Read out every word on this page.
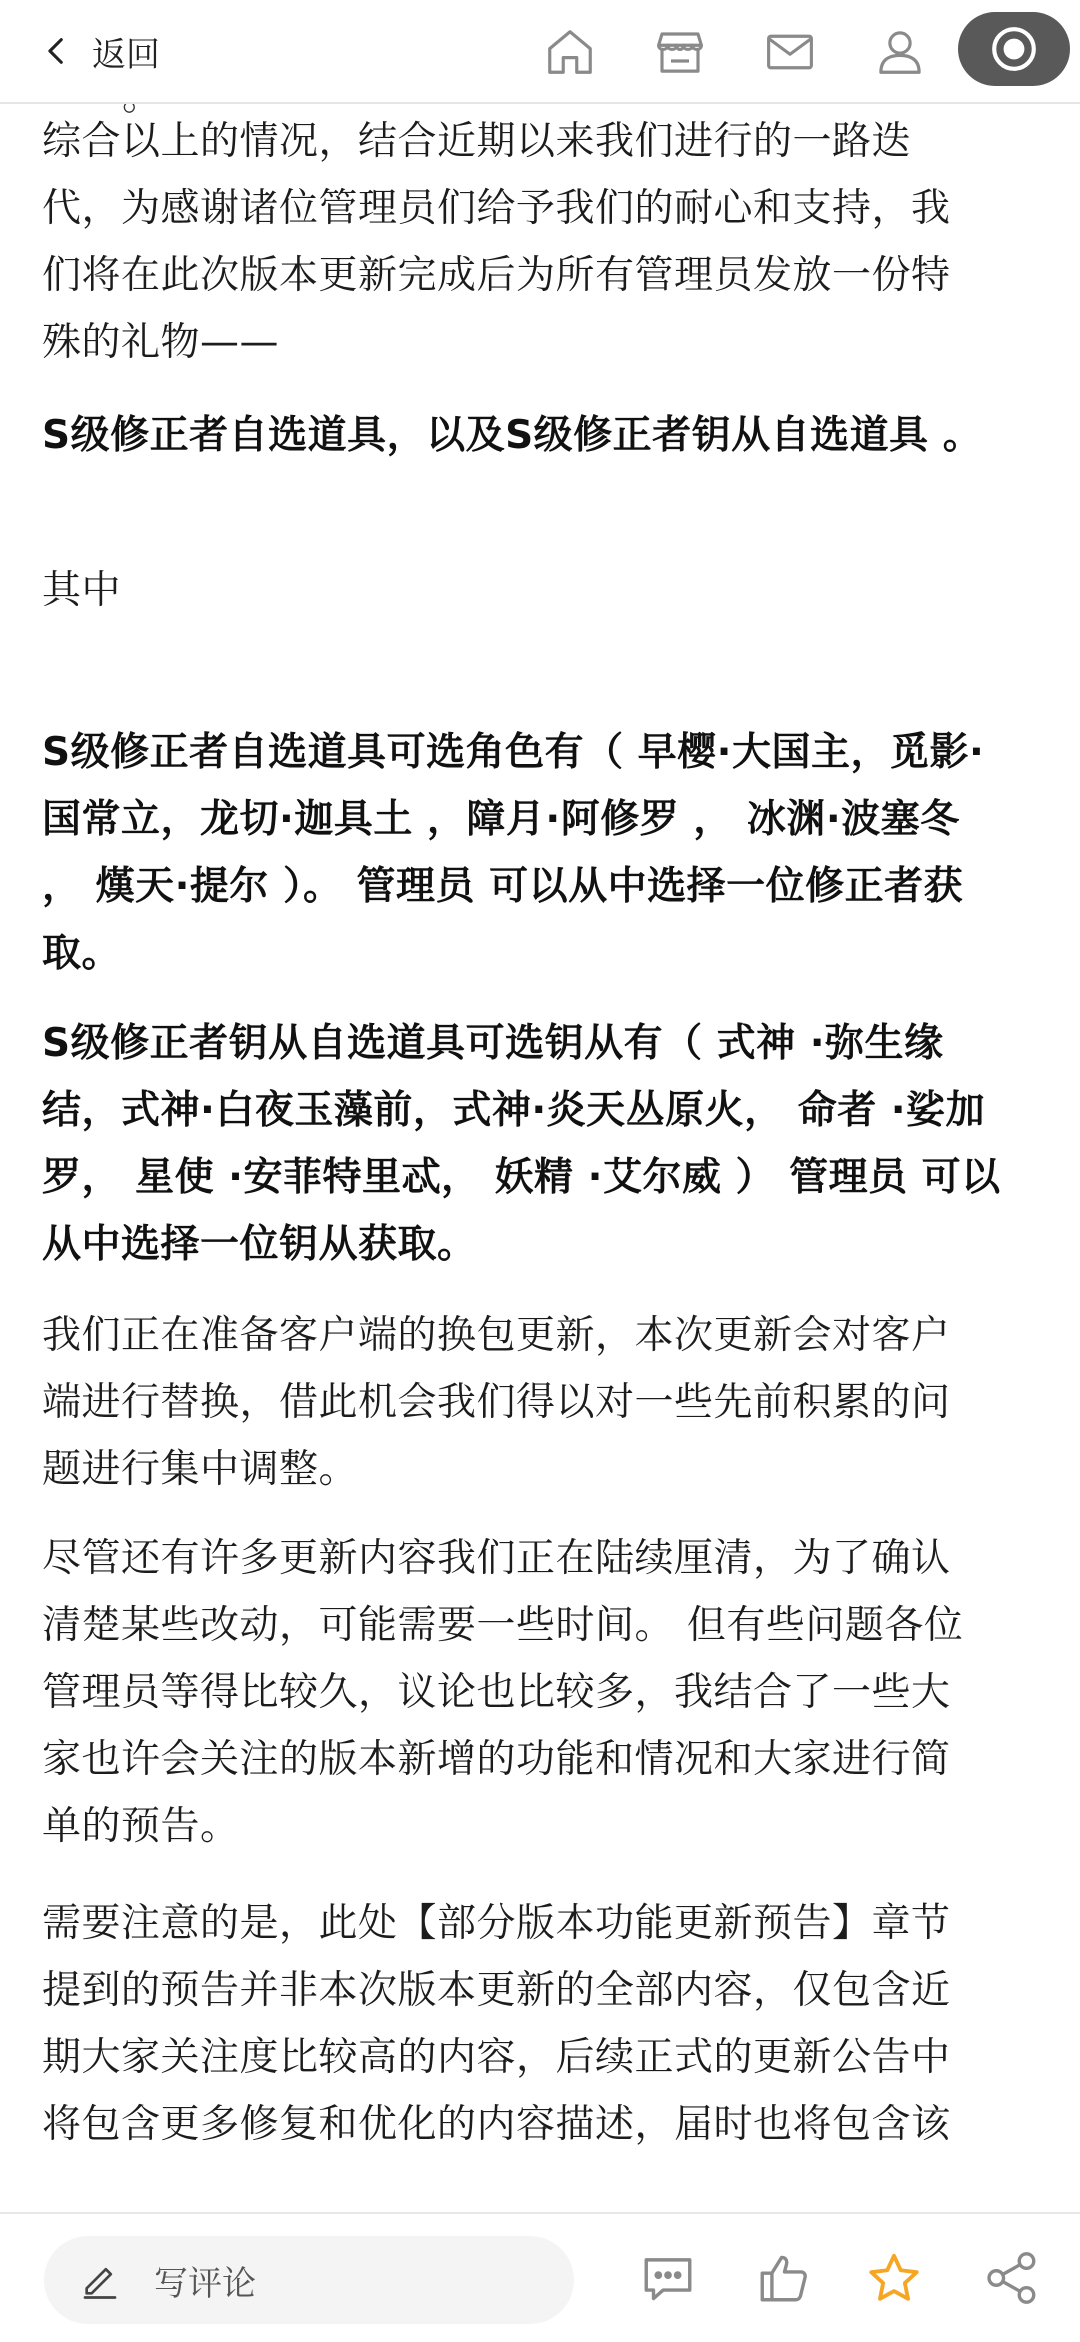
返回

综合以上的情况，结合近期以来我们进行的一路迭
代，为感谢诸位管理员们给予我们的耐心和支持，我
们将在此次版本更新完成后为所有管理员发放一份特
殊的礼物——

S级修正者自选道具，以及S级修正者钥从自选道具 。

其中

S级修正者自选道具可选角色有（ 早樱·大国主，觅影·
国常立，龙切·迦具土 ，障月·阿修罗 ， 冰渊·波塞冬
， 熯天·提尔 ）。 管理员 可以从中选择一位修正者获
取。

S级修正者钥从自选道具可选钥从有（ 式神 ·弥生缘
结，式神·白夜玉藻前，式神·炎天丛原火， 命者 ·娑加
罗， 星使 ·安菲特里忒， 妖精 ·艾尔威 ） 管理员 可以
从中选择一位钥从获取。

我们正在准备客户端的换包更新，本次更新会对客户
端进行替换，借此机会我们得以对一些先前积累的问
题进行集中调整。

尽管还有许多更新内容我们正在陆续厘清，为了确认
清楚某些改动，可能需要一些时间。 但有些问题各位
管理员等得比较久，议论也比较多，我结合了一些大
家也许会关注的版本新增的功能和情况和大家进行简
单的预告。

需要注意的是，此处【部分版本功能更新预告】章节
提到的预告并非本次版本更新的全部内容，仅包含近
期大家关注度比较高的内容，后续正式的更新公告中
将包含更多修复和优化的内容描述，届时也将包含该

写评论
